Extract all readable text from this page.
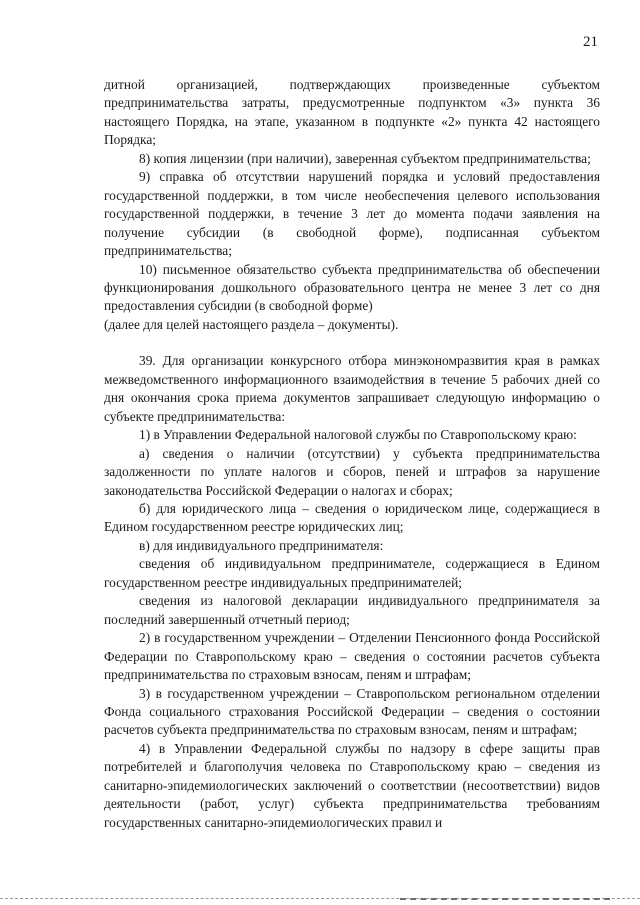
21

дитной организацией, подтверждающих произведенные субъектом предпринимательства затраты, предусмотренные подпунктом «3» пункта 36 настоящего Порядка, на этапе, указанном в подпункте «2» пункта 42 настоящего Порядка;

8) копия лицензии (при наличии), заверенная субъектом предпринимательства;

9) справка об отсутствии нарушений порядка и условий предоставления государственной поддержки, в том числе необеспечения целевого использования государственной поддержки, в течение 3 лет до момента подачи заявления на получение субсидии (в свободной форме), подписанная субъектом предпринимательства;

10) письменное обязательство субъекта предпринимательства об обеспечении функционирования дошкольного образовательного центра не менее 3 лет со дня предоставления субсидии (в свободной форме)

(далее для целей настоящего раздела – документы).

39. Для организации конкурсного отбора минэкономразвития края в рамках межведомственного информационного взаимодействия в течение 5 рабочих дней со дня окончания срока приема документов запрашивает следующую информацию о субъекте предпринимательства:

1) в Управлении Федеральной налоговой службы по Ставропольскому краю:

а) сведения о наличии (отсутствии) у субъекта предпринимательства задолженности по уплате налогов и сборов, пеней и штрафов за нарушение законодательства Российской Федерации о налогах и сборах;

б) для юридического лица – сведения о юридическом лице, содержащиеся в Едином государственном реестре юридических лиц;

в) для индивидуального предпринимателя:

сведения об индивидуальном предпринимателе, содержащиеся в Едином государственном реестре индивидуальных предпринимателей;

сведения из налоговой декларации индивидуального предпринимателя за последний завершенный отчетный период;

2) в государственном учреждении – Отделении Пенсионного фонда Российской Федерации по Ставропольскому краю – сведения о состоянии расчетов субъекта предпринимательства по страховым взносам, пеням и штрафам;

3) в государственном учреждении – Ставропольском региональном отделении Фонда социального страхования Российской Федерации – сведения о состоянии расчетов субъекта предпринимательства по страховым взносам, пеням и штрафам;

4) в Управлении Федеральной службы по надзору в сфере защиты прав потребителей и благополучия человека по Ставропольскому краю – сведения из санитарно-эпидемиологических заключений о соответствии (несоответствии) видов деятельности (работ, услуг) субъекта предпринимательства требованиям государственных санитарно-эпидемиологических правил и
